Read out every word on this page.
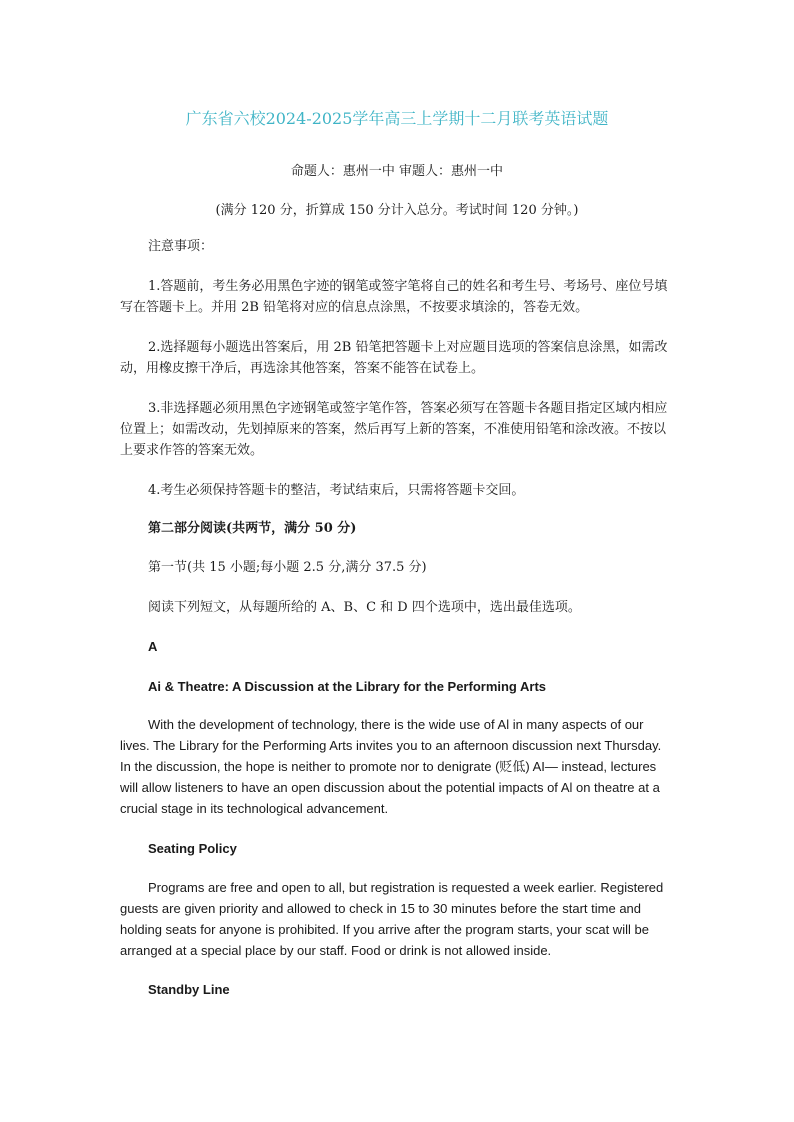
广东省六校2024-2025学年高三上学期十二月联考英语试题
命题人：惠州一中 审题人：惠州一中
(满分 120 分，折算成 150 分计入总分。考试时间 120 分钟。)
注意事项：
1.答题前，考生务必用黑色字迹的钢笔或签字笔将自己的姓名和考生号、考场号、座位号填写在答题卡上。并用 2B 铅笔将对应的信息点涂黑，不按要求填涂的，答卷无效。
2.选择题每小题选出答案后，用 2B 铅笔把答题卡上对应题目选项的答案信息涂黑，如需改动，用橡皮擦干净后，再选涂其他答案，答案不能答在试卷上。
3.非选择题必须用黑色字迹钢笔或签字笔作答，答案必须写在答题卡各题目指定区域内相应位置上；如需改动，先划掉原来的答案，然后再写上新的答案，不准使用铅笔和涂改液。不按以上要求作答的答案无效。
4.考生必须保持答题卡的整洁，考试结束后，只需将答题卡交回。
第二部分阅读(共两节，满分 50 分)
第一节(共 15 小题;每小题 2.5 分,满分 37.5 分)
阅读下列短文，从每题所给的 A、B、C 和 D 四个选项中，选出最佳选项。
A
Ai & Theatre: A Discussion at the Library for the Performing Arts
With the development of technology, there is the wide use of Al in many aspects of our lives. The Library for the Performing Arts invites you to an afternoon discussion next Thursday. In the discussion, the hope is neither to promote nor to denigrate (贬低) AI— instead, lectures will allow listeners to have an open discussion about the potential impacts of Al on theatre at a crucial stage in its technological advancement.
Seating Policy
Programs are free and open to all, but registration is requested a week earlier. Registered guests are given priority and allowed to check in 15 to 30 minutes before the start time and holding seats for anyone is prohibited. If you arrive after the program starts, your scat will be arranged at a special place by our staff. Food or drink is not allowed inside.
Standby Line
